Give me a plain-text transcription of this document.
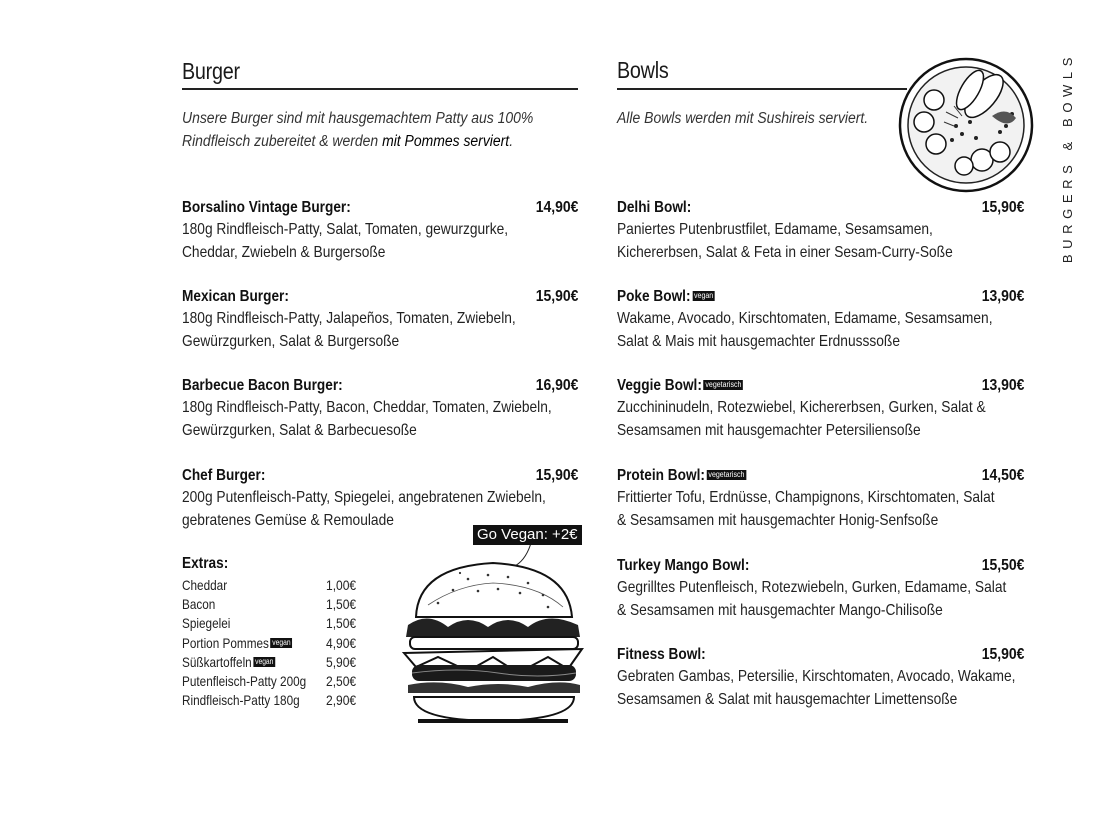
Burger
Unsere Burger sind mit hausgemachtem Patty aus 100%
Rindfleisch zubereitet & werden mit Pommes serviert.
Borsalino Vintage Burger:	14,90€
180g Rindfleisch-Patty, Salat, Tomaten, gewurzgurke,
Cheddar, Zwiebeln & Burgersoße
Mexican Burger:	15,90€
180g Rindfleisch-Patty, Jalapeños, Tomaten, Zwiebeln,
Gewürzgurken, Salat & Burgersoße
Barbecue Bacon Burger:	16,90€
180g Rindfleisch-Patty, Bacon, Cheddar, Tomaten, Zwiebeln,
Gewürzgurken, Salat & Barbecuesoße
Chef Burger:	15,90€
200g Putenfleisch-Patty, Spiegelei, angebratenen Zwiebeln,
gebratenes Gemüse & Remoulade
Go Vegan: +2€
Extras:
Cheddar	1,00€
Bacon	1,50€
Spiegelei	1,50€
Portion Pommes vegan	4,90€
Süßkartoffeln vegan	5,90€
Putenfleisch-Patty 200g 2,50€
Rindfleisch-Patty 180g 2,90€
Bowls
Alle Bowls werden mit Sushireis serviert.
Delhi Bowl:	15,90€
Paniertes Putenbrustfilet, Edamame, Sesamsamen,
Kichererbsen, Salat & Feta in einer Sesam-Curry-Soße
Poke Bowl: vegan	13,90€
Wakame, Avocado, Kirschtomaten, Edamame, Sesamsamen,
Salat & Mais mit hausgemachter Erdnusssoße
Veggie Bowl: vegetarisch	13,90€
Zucchininudeln, Rotezwiebel, Kichererbsen, Gurken, Salat &
Sesamsamen mit hausgemachter Petersiliensoße
Protein Bowl: vegetarisch	14,50€
Frittierter Tofu, Erdnüsse, Champignons, Kirschtomaten, Salat
& Sesamsamen mit hausgemachter Honig-Senfsoße
Turkey Mango Bowl:	15,50€
Gegrilltes Putenfleisch, Rotezwiebeln, Gurken, Edamame, Salat
& Sesamsamen mit hausgemachter Mango-Chilisoße
Fitness Bowl:	15,90€
Gebraten Gambas, Petersilie, Kirschtomaten, Avocado, Wakame,
Sesamsamen & Salat mit hausgemachter Limettensoße
BURGERS & BOWLS
